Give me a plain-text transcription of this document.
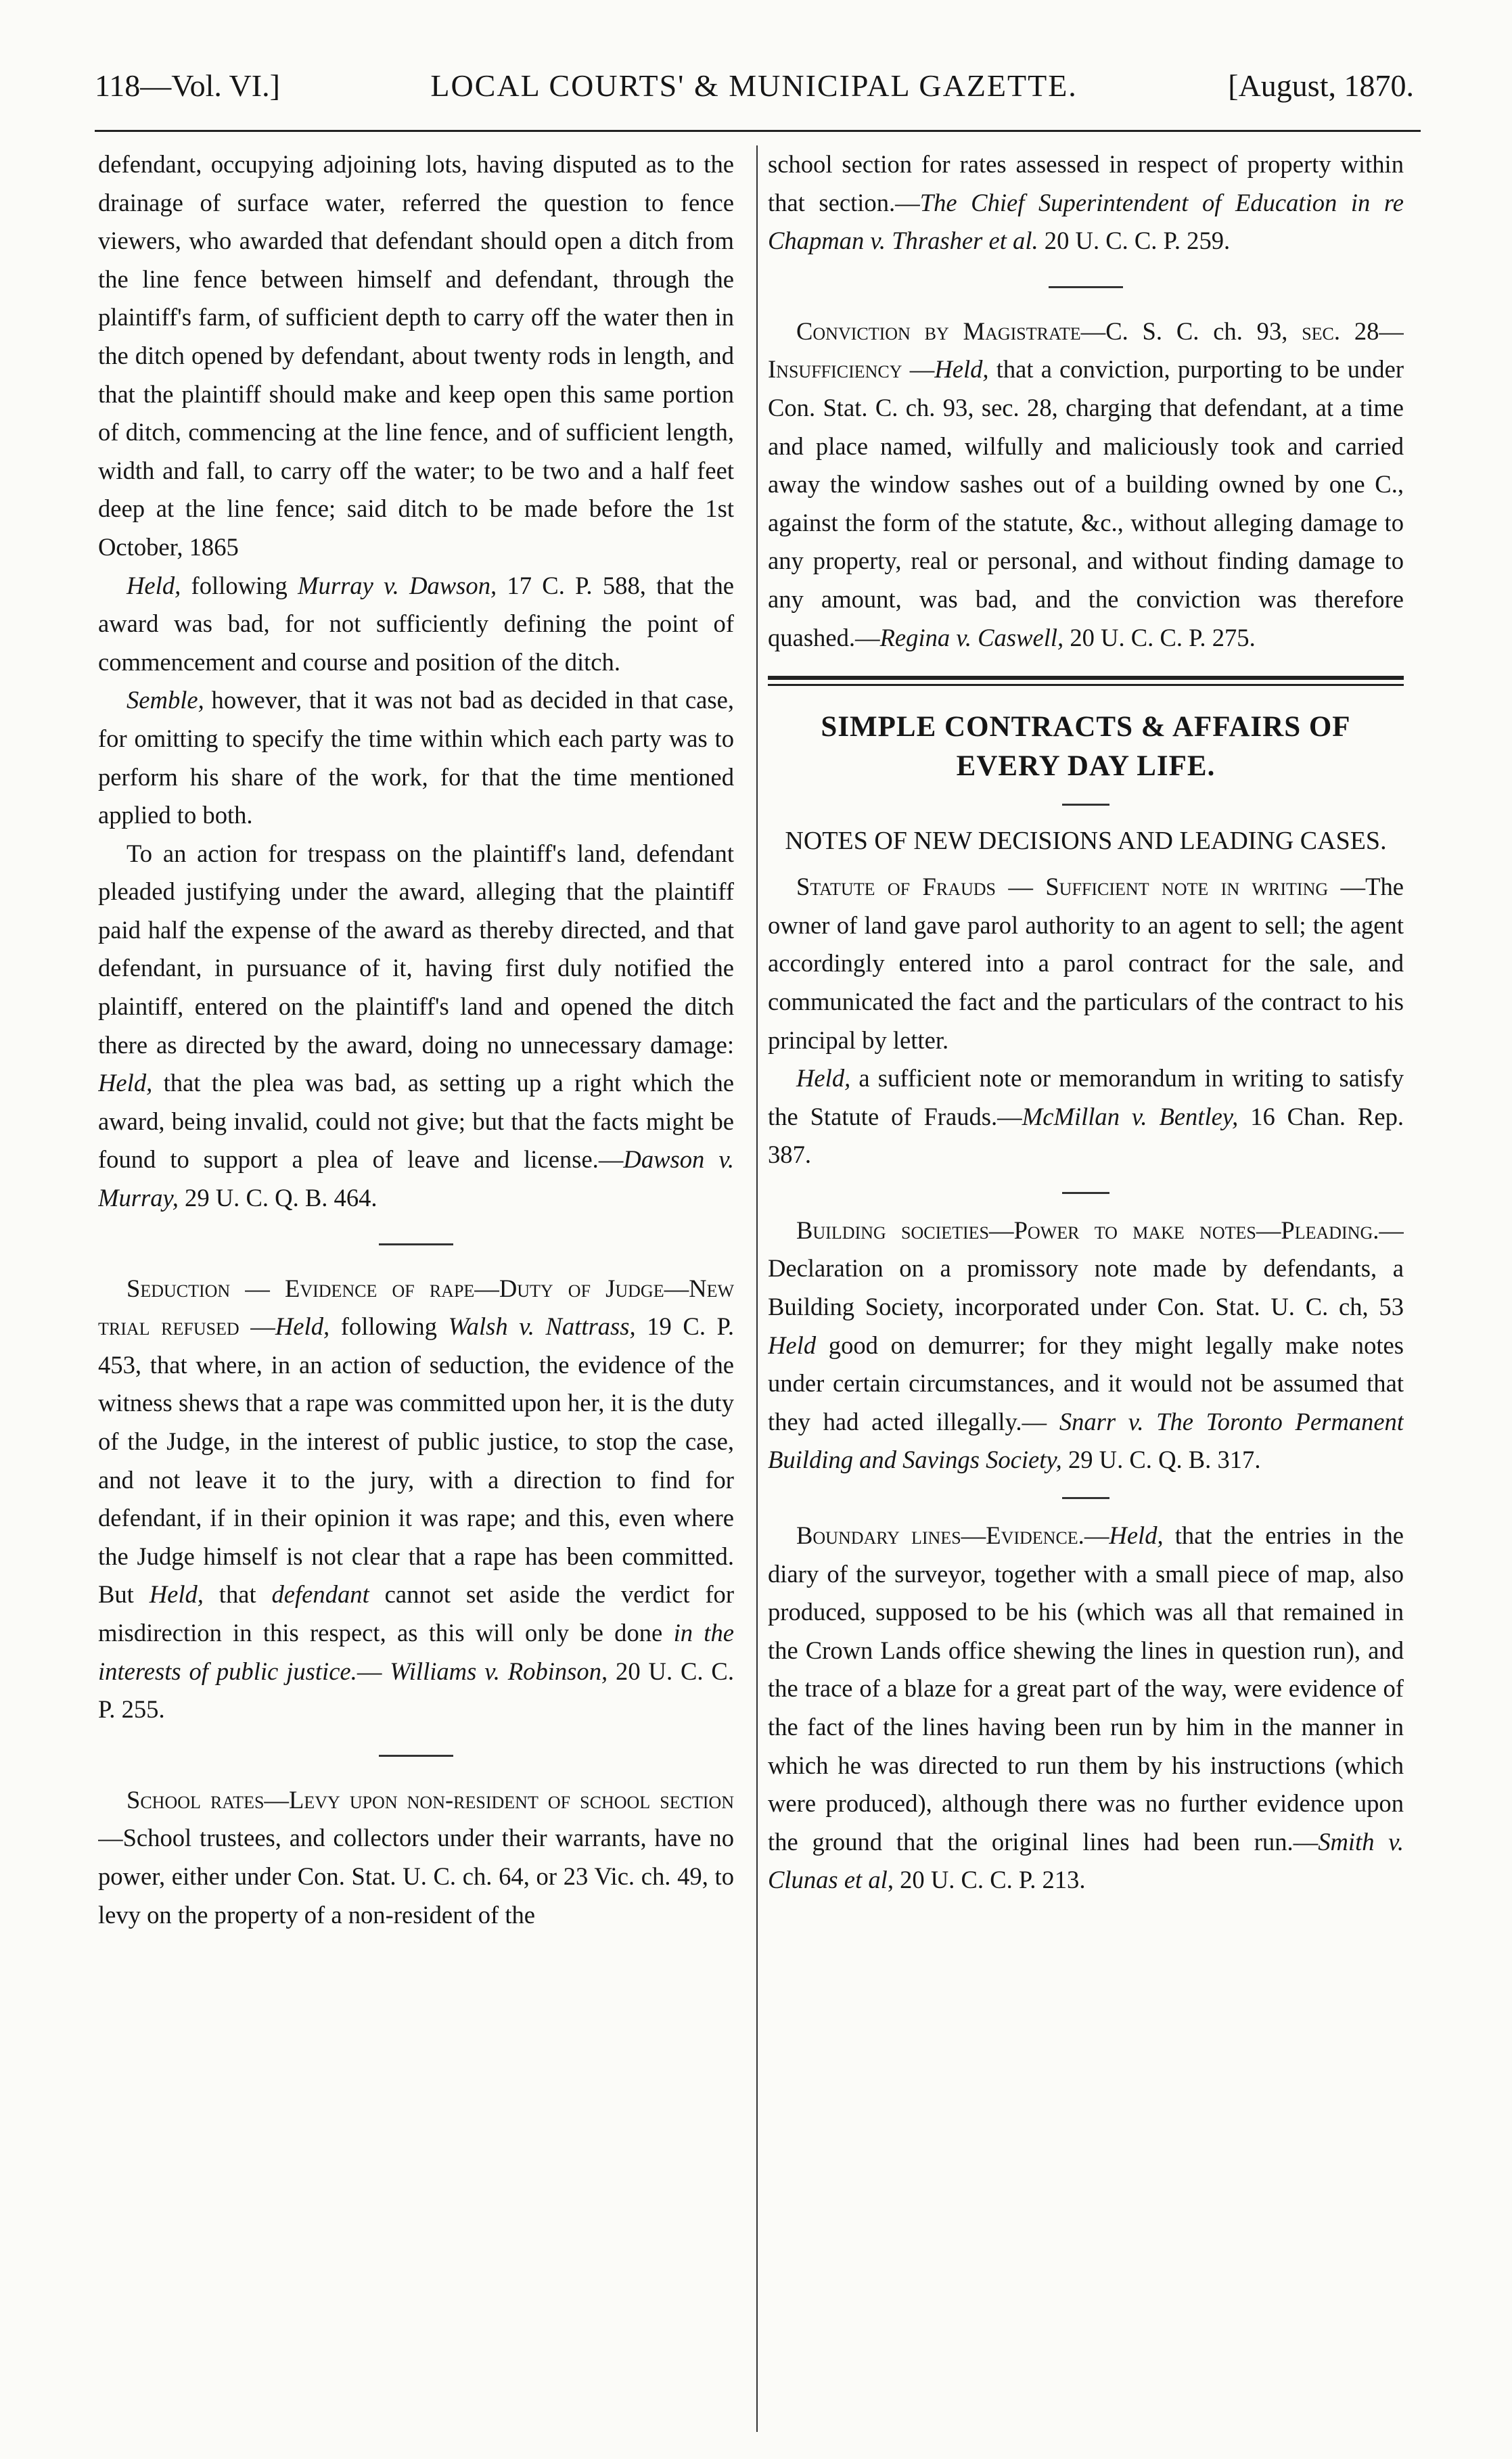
118—Vol. VI.]	LOCAL COURTS' & MUNICIPAL GAZETTE.	[August, 1870.

defendant, occupying adjoining lots, having disputed as to the drainage of surface water, referred the question to fence viewers, who awarded that defendant should open a ditch from the line fence between himself and defendant, through the plaintiff's farm, of sufficient depth to carry off the water then in the ditch opened by defendant, about twenty rods in length, and that the plaintiff should make and keep open this same portion of ditch, commencing at the line fence, and of sufficient length, width and fall, to carry off the water; to be two and a half feet deep at the line fence; said ditch to be made before the 1st October, 1865

Held, following Murray v. Dawson, 17 C. P. 588, that the award was bad, for not sufficiently defining the point of commencement and course and position of the ditch.

Semble, however, that it was not bad as decided in that case, for omitting to specify the time within which each party was to perform his share of the work, for that the time mentioned applied to both.

To an action for trespass on the plaintiff's land, defendant pleaded justifying under the award, alleging that the plaintiff paid half the expense of the award as thereby directed, and that defendant, in pursuance of it, having first duly notified the plaintiff, entered on the plaintiff's land and opened the ditch there as directed by the award, doing no unnecessary damage: Held, that the plea was bad, as setting up a right which the award, being invalid, could not give; but that the facts might be found to support a plea of leave and license.—Dawson v. Murray, 29 U. C. Q. B. 464.

Seduction — Evidence of rape—Duty of Judge—New trial refused —Held, following Walsh v. Nattrass, 19 C. P. 453, that where, in an action of seduction, the evidence of the witness shews that a rape was committed upon her, it is the duty of the Judge, in the interest of public justice, to stop the case, and not leave it to the jury, with a direction to find for defendant, if in their opinion it was rape; and this, even where the Judge himself is not clear that a rape has been committed. But Held, that defendant cannot set aside the verdict for misdirection in this respect, as this will only be done in the interests of public justice.— Williams v. Robinson, 20 U. C. C. P. 255.

School rates—Levy upon non-resident of school section —School trustees, and collectors under their warrants, have no power, either under Con. Stat. U. C. ch. 64, or 23 Vic. ch. 49, to levy on the property of a non-resident of the

school section for rates assessed in respect of property within that section.—The Chief Superintendent of Education in re Chapman v. Thrasher et al. 20 U. C. C. P. 259.

Conviction by Magistrate—C. S. C. ch. 93, sec. 28—Insufficiency —Held, that a conviction, purporting to be under Con. Stat. C. ch. 93, sec. 28, charging that defendant, at a time and place named, wilfully and maliciously took and carried away the window sashes out of a building owned by one C., against the form of the statute, &c., without alleging damage to any property, real or personal, and without finding damage to any amount, was bad, and the conviction was therefore quashed.—Regina v. Caswell, 20 U. C. C. P. 275.

SIMPLE CONTRACTS & AFFAIRS OF EVERY DAY LIFE.
NOTES OF NEW DECISIONS AND LEADING CASES.

Statute of Frauds — Sufficient note in writing —The owner of land gave parol authority to an agent to sell; the agent accordingly entered into a parol contract for the sale, and communicated the fact and the particulars of the contract to his principal by letter.

Held, a sufficient note or memorandum in writing to satisfy the Statute of Frauds.—McMillan v. Bentley, 16 Chan. Rep. 387.

Building societies—Power to make notes—Pleading.—Declaration on a promissory note made by defendants, a Building Society, incorporated under Con. Stat. U. C. ch, 53 Held good on demurrer; for they might legally make notes under certain circumstances, and it would not be assumed that they had acted illegally.— Snarr v. The Toronto Permanent Building and Savings Society, 29 U. C. Q. B. 317.

Boundary lines—Evidence.—Held, that the entries in the diary of the surveyor, together with a small piece of map, also produced, supposed to be his (which was all that remained in the Crown Lands office shewing the lines in question run), and the trace of a blaze for a great part of the way, were evidence of the fact of the lines having been run by him in the manner in which he was directed to run them by his instructions (which were produced), although there was no further evidence upon the ground that the original lines had been run.—Smith v. Clunas et al, 20 U. C. C. P. 213.
